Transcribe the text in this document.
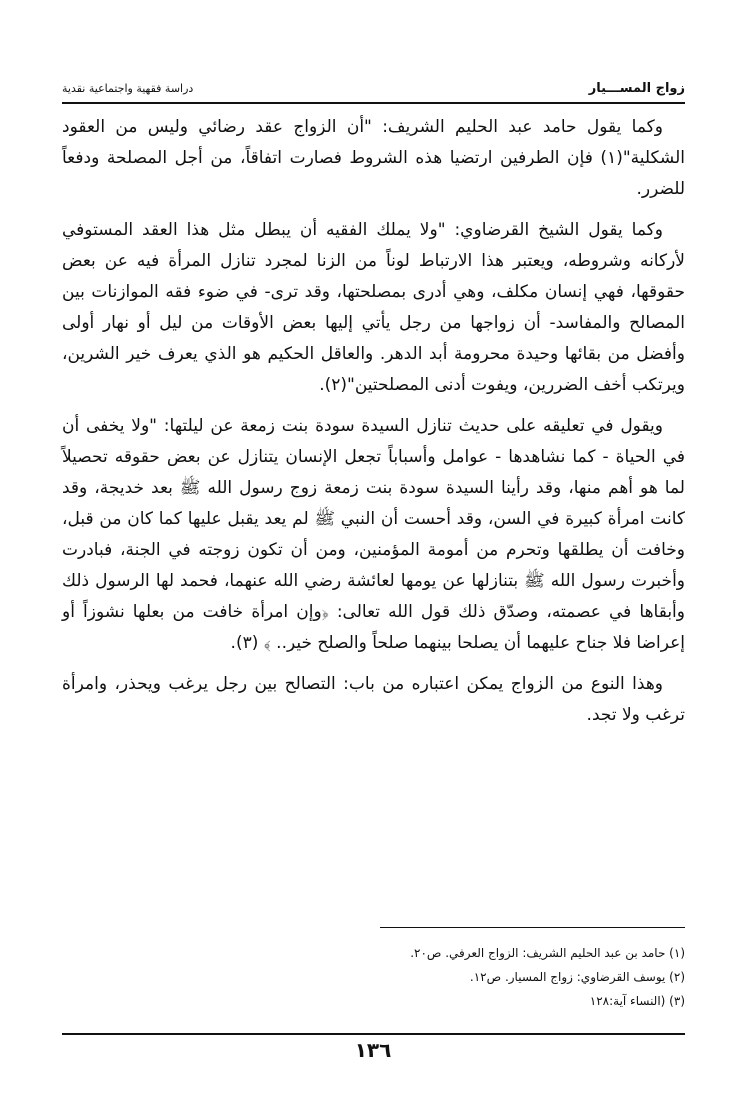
زواج المســـيار
دراسة فقهية واجتماعية نقدية

وكما يقول حامد عبد الحليم الشريف: "أن الزواج عقد رضائي وليس من العقود الشكلية"(١) فإن الطرفين ارتضيا هذه الشروط فصارت اتفاقاً، من أجل المصلحة ودفعاً للضرر.

وكما يقول الشيخ القرضاوي: "ولا يملك الفقيه أن يبطل مثل هذا العقد المستوفي لأركانه وشروطه، ويعتبر هذا الارتباط لوناً من الزنا لمجرد تنازل المرأة فيه عن بعض حقوقها، فهي إنسان مكلف، وهي أدرى بمصلحتها، وقد ترى- في ضوء فقه الموازنات بين المصالح والمفاسد- أن زواجها من رجل يأتي إليها بعض الأوقات من ليل أو نهار أولى وأفضل من بقائها وحيدة محرومة أبد الدهر. والعاقل الحكيم هو الذي يعرف خير الشرين، ويرتكب أخف الضررين، ويفوت أدنى المصلحتين"(٢).

ويقول في تعليقه على حديث تنازل السيدة سودة بنت زمعة عن ليلتها: "ولا يخفى أن في الحياة - كما نشاهدها - عوامل وأسباباً تجعل الإنسان يتنازل عن بعض حقوقه تحصيلاً لما هو أهم منها، وقد رأينا السيدة سودة بنت زمعة زوج رسول الله ﷺ بعد خديجة، وقد كانت امرأة كبيرة في السن، وقد أحست أن النبي ﷺ لم يعد يقبل عليها كما كان من قبل، وخافت أن يطلقها وتحرم من أمومة المؤمنين، ومن أن تكون زوجته في الجنة، فبادرت وأخبرت رسول الله ﷺ بتنازلها عن يومها لعائشة رضي الله عنهما، فحمد لها الرسول ذلك وأبقاها في عصمته، وصدّق ذلك قول الله تعالى: ﴿وإن امرأة خافت من بعلها نشوزاً أو إعراضا فلا جناح عليهما أن يصلحا بينهما صلحاً والصلح خير.. ﴾ (٣).

وهذا النوع من الزواج يمكن اعتباره من باب: التصالح بين رجل يرغب ويحذر، وامرأة ترغب ولا تجد.

(١) حامد بن عبد الحليم الشريف: الزواج العرفي. ص٢٠.

(٢) يوسف القرضاوي: زواج المسيار. ص١٢.

(٣) (النساء آية:١٢٨

١٣٦
